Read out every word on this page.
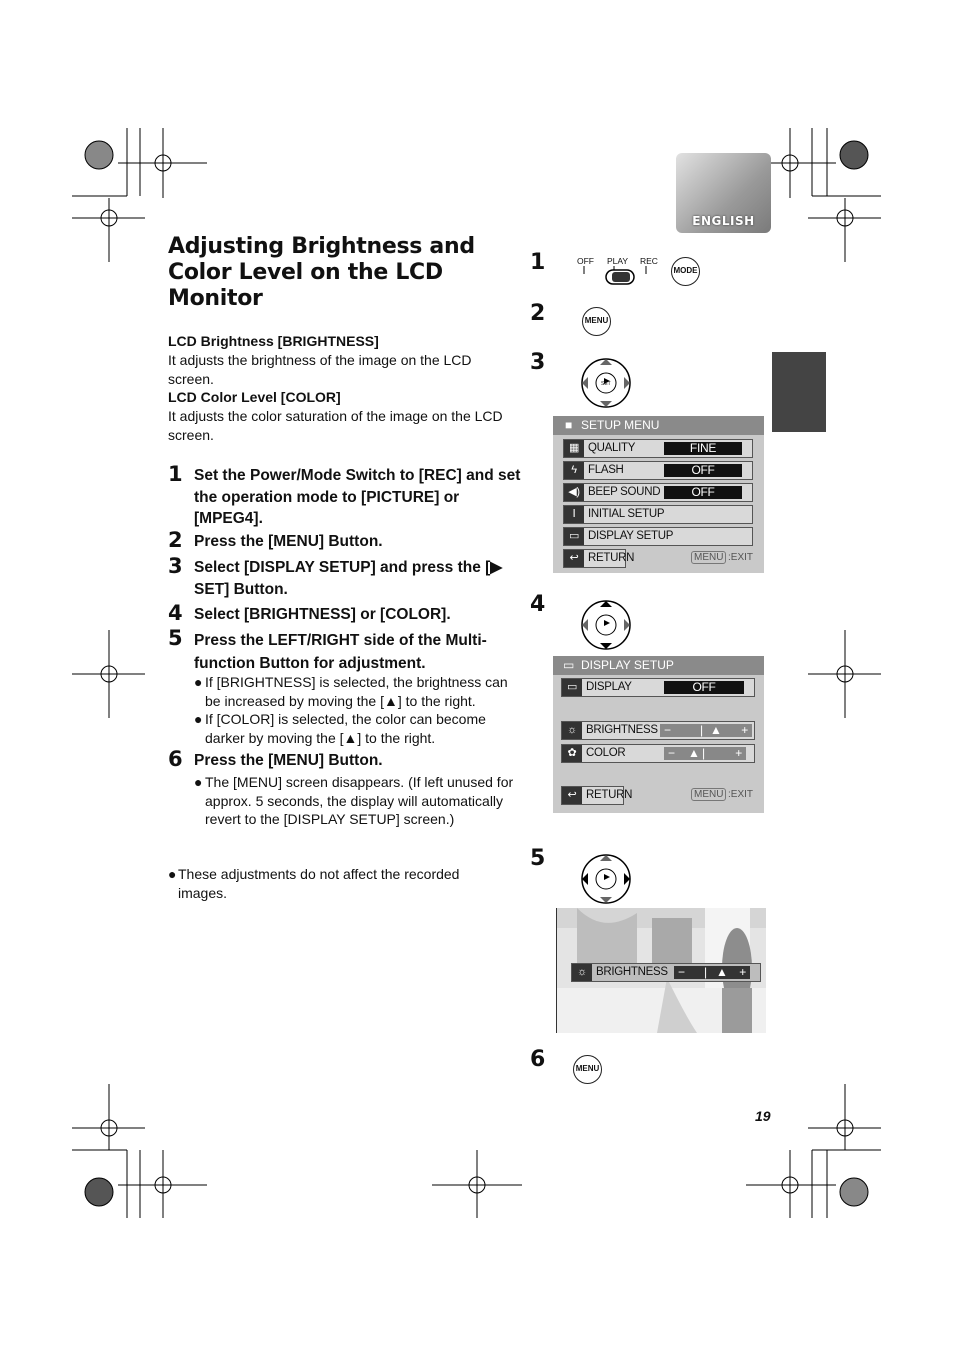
ENGLISH
Adjusting Brightness and Color Level on the LCD Monitor
LCD Brightness [BRIGHTNESS]
It adjusts the brightness of the image on the LCD screen.
LCD Color Level [COLOR]
It adjusts the color saturation of the image on the LCD screen.
1 Set the Power/Mode Switch to [REC] and set the operation mode to [PICTURE] or [MPEG4].
2 Press the [MENU] Button.
3 Select [DISPLAY SETUP] and press the [▶ SET] Button.
4 Select [BRIGHTNESS] or [COLOR].
5 Press the LEFT/RIGHT side of the Multi-function Button for adjustment.
● If [BRIGHTNESS] is selected, the brightness can be increased by moving the [▲] to the right.
● If [COLOR] is selected, the color can become darker by moving the [▲] to the right.
6 Press the [MENU] Button.
● The [MENU] screen disappears. (If left unused for approx. 5 seconds, the display will automatically revert to the [DISPLAY SETUP] screen.)
● These adjustments do not affect the recorded images.
1
2
3
4
5
6
OFF PLAY REC
MODE
MENU
SET
■ SETUP MENU
▦ QUALITY	FINE
ϟ FLASH	OFF
◀) BEEP SOUND	OFF
Ⅰ	INITIAL SETUP
▭ DISPLAY SETUP
↩ RETURN	MENU :EXIT
▭ DISPLAY SETUP
▭ DISPLAY	OFF
☼ BRIGHTNESS − | ▲ +
✿ COLOR	− ▲ |	+
↩ RETURN	MENU :EXIT
☼ BRIGHTNESS − | ▲ +
MENU
19
